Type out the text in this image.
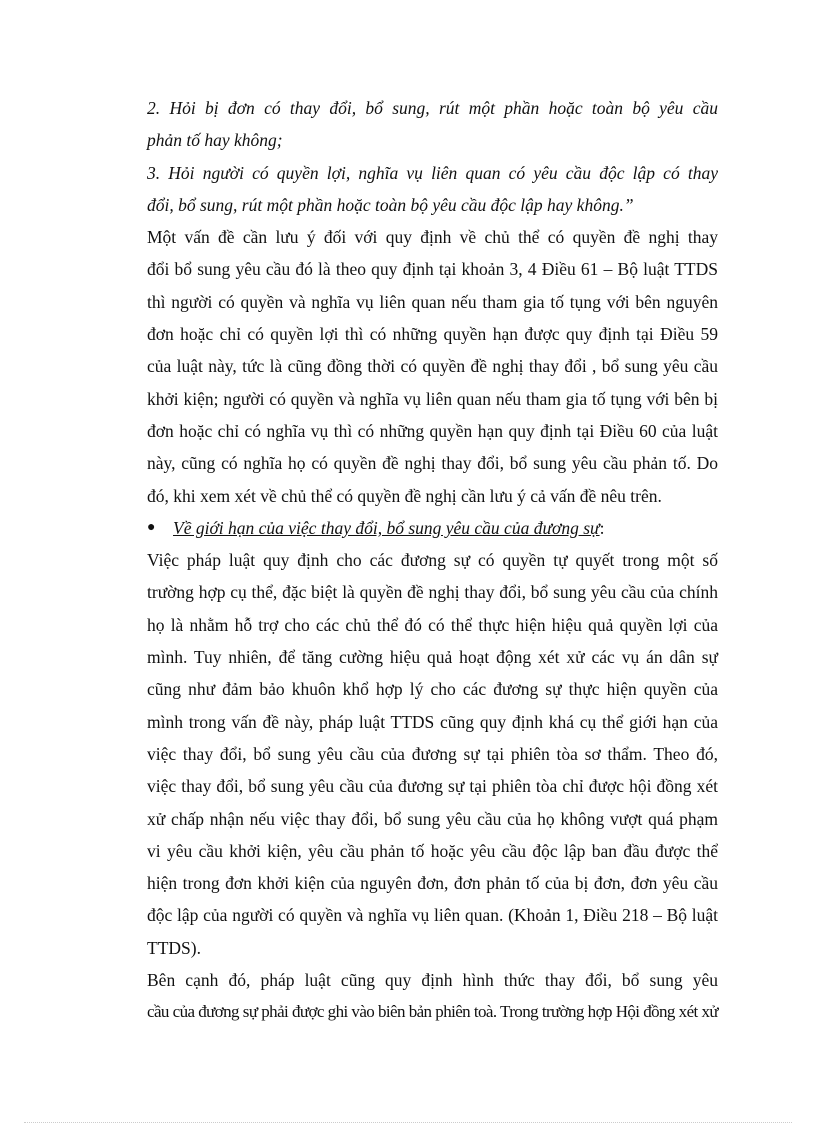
2. Hỏi bị đơn có thay đổi, bổ sung, rút một phần hoặc toàn bộ yêu cầu
phản tố hay không;
3. Hỏi người có quyền lợi, nghĩa vụ liên quan có yêu cầu độc lập có thay
đổi, bổ sung, rút một phần hoặc toàn bộ yêu cầu độc lập hay không.”
Một vấn đề cần lưu ý đối với quy định về chủ thể có quyền đề nghị thay
đổi bổ sung yêu cầu đó là theo quy định tại khoản 3, 4 Điều 61 – Bộ luật TTDS
thì người có quyền và nghĩa vụ liên quan nếu tham gia tố tụng với bên nguyên
đơn hoặc chỉ có quyền lợi thì có những quyền hạn được quy định tại Điều 59
của luật này, tức là cũng đồng thời có quyền đề nghị thay đổi , bổ sung yêu cầu
khởi kiện; người có quyền và nghĩa vụ liên quan nếu tham gia tố tụng với bên bị
đơn hoặc chỉ có nghĩa vụ thì có những quyền hạn quy định tại Điều 60 của luật
này, cũng có nghĩa họ có quyền đề nghị thay đổi, bổ sung yêu cầu phản tố. Do
đó, khi xem xét về chủ thể có quyền đề nghị cần lưu ý cả vấn đề nêu trên.
● Về giới hạn của việc thay đổi, bổ sung yêu cầu của đương sự:
Việc pháp luật quy định cho các đương sự có quyền tự quyết trong một số
trường hợp cụ thể, đặc biệt là quyền đề nghị thay đổi, bổ sung yêu cầu của chính
họ là nhằm hỗ trợ cho các chủ thể đó có thể thực hiện hiệu quả quyền lợi của
mình. Tuy nhiên, để tăng cường hiệu quả hoạt động xét xử các vụ án dân sự
cũng như đảm bảo khuôn khổ hợp lý cho các đương sự thực hiện quyền của
mình trong vấn đề này, pháp luật TTDS cũng quy định khá cụ thể giới hạn của
việc thay đổi, bổ sung yêu cầu của đương sự tại phiên tòa sơ thẩm. Theo đó,
việc thay đổi, bổ sung yêu cầu của đương sự tại phiên tòa chỉ được hội đồng xét
xử chấp nhận nếu việc thay đổi, bổ sung yêu cầu của họ không vượt quá phạm
vi yêu cầu khởi kiện, yêu cầu phản tố hoặc yêu cầu độc lập ban đầu được thể
hiện trong đơn khởi kiện của nguyên đơn, đơn phản tố của bị đơn, đơn yêu cầu
độc lập của người có quyền và nghĩa vụ liên quan. (Khoản 1, Điều 218 – Bộ luật
TTDS).
Bên cạnh đó, pháp luật cũng quy định hình thức thay đổi, bổ sung yêu
cầu của đương sự phải được ghi vào biên bản phiên toà. Trong trường hợp Hội đồng xét xử
